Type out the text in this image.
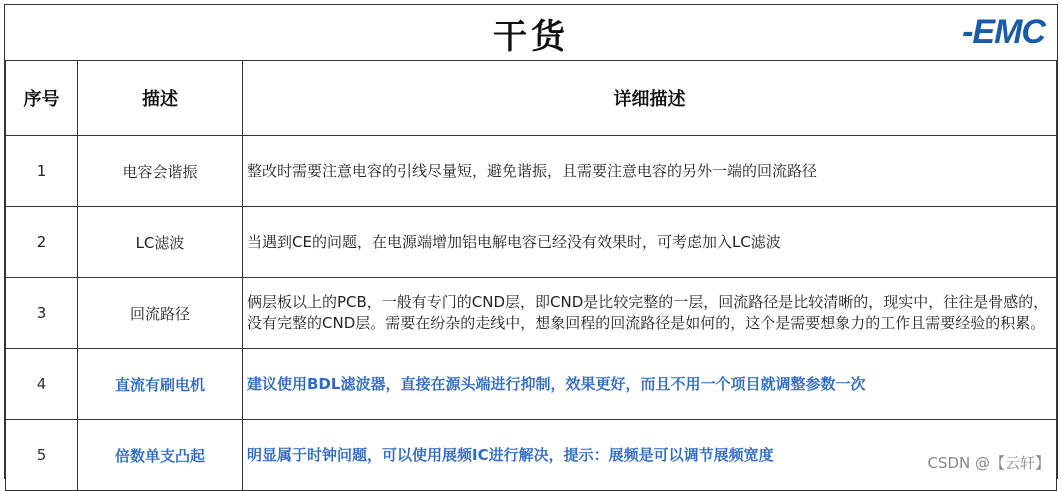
干货	-EMC
序号	描述	详细描述
1	电容会谐振	整改时需要注意电容的引线尽量短，避免谐振，且需要注意电容的另外一端的回流路径
2	LC滤波	当遇到CE的问题，在电源端增加铝电解电容已经没有效果时，可考虑加入LC滤波
3	回流路径	俩层板以上的PCB，一般有专门的CND层，即CND是比较完整的一层，回流路径是比较清晰的，现实中，往往是骨感的，没有完整的CND层。需要在纷杂的走线中，想象回程的回流路径是如何的，这个是需要想象力的工作且需要经验的积累。
4	直流有刷电机	建议使用BDL滤波器，直接在源头端进行抑制，效果更好，而且不用一个项目就调整参数一次
5	倍数单支凸起	明显属于时钟问题，可以使用展频IC进行解决，提示：展频是可以调节展频宽度	CSDN @【云轩】
